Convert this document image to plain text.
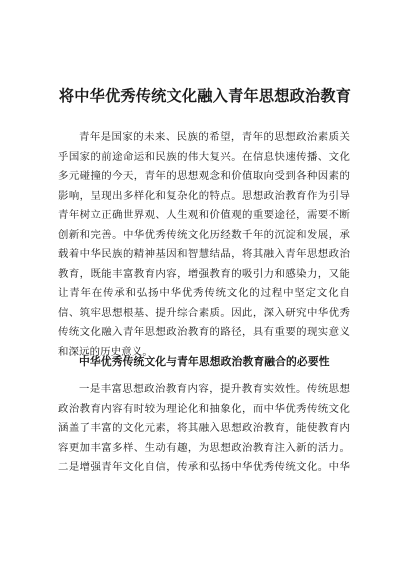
将中华优秀传统文化融入青年思想政治教育
青年是国家的未来、民族的希望，青年的思想政治素质关
乎国家的前途命运和民族的伟大复兴。在信息快速传播、文化
多元碰撞的今天，青年的思想观念和价值取向受到各种因素的
影响，呈现出多样化和复杂化的特点。思想政治教育作为引导
青年树立正确世界观、人生观和价值观的重要途径，需要不断
创新和完善。中华优秀传统文化历经数千年的沉淀和发展，承
载着中华民族的精神基因和智慧结晶，将其融入青年思想政治
教育，既能丰富教育内容，增强教育的吸引力和感染力，又能
让青年在传承和弘扬中华优秀传统文化的过程中坚定文化自
信、筑牢思想根基、提升综合素质。因此，深入研究中华优秀
传统文化融入青年思想政治教育的路径，具有重要的现实意义
和深远的历史意义。
中华优秀传统文化与青年思想政治教育融合的必要性
一是丰富思想政治教育内容，提升教育实效性。传统思想
政治教育内容有时较为理论化和抽象化，而中华优秀传统文化
涵盖了丰富的文化元素，将其融入思想政治教育，能使教育内
容更加丰富多样、生动有趣，为思想政治教育注入新的活力。
二是增强青年文化自信，传承和弘扬中华优秀传统文化。中华
